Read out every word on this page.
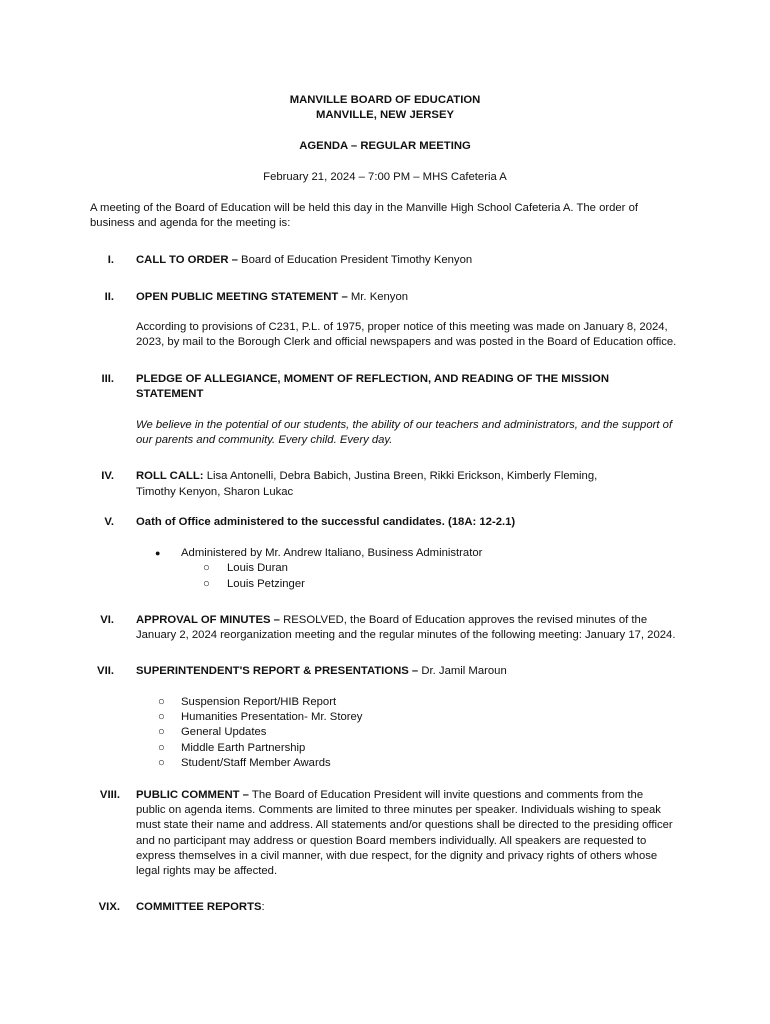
MANVILLE BOARD OF EDUCATION
MANVILLE, NEW JERSEY
AGENDA – REGULAR MEETING
February 21, 2024 – 7:00 PM – MHS Cafeteria A
A meeting of the Board of Education will be held this day in the Manville High School Cafeteria A. The order of
business and agenda for the meeting is:
I. CALL TO ORDER – Board of Education President Timothy Kenyon
II. OPEN PUBLIC MEETING STATEMENT – Mr. Kenyon
According to provisions of C231, P.L. of 1975, proper notice of this meeting was made on January 8, 2024,
2023, by mail to the Borough Clerk and official newspapers and was posted in the Board of Education office.
III. PLEDGE OF ALLEGIANCE, MOMENT OF REFLECTION, AND READING OF THE MISSION
STATEMENT
We believe in the potential of our students, the ability of our teachers and administrators, and the support of
our parents and community. Every child. Every day.
IV. ROLL CALL: Lisa Antonelli, Debra Babich, Justina Breen, Rikki Erickson, Kimberly Fleming,
Timothy Kenyon, Sharon Lukac
V. Oath of Office administered to the successful candidates. (18A: 12-2.1)
● Administered by Mr. Andrew Italiano, Business Administrator
○ Louis Duran
○ Louis Petzinger
VI. APPROVAL OF MINUTES – RESOLVED, the Board of Education approves the revised minutes of the
January 2, 2024 reorganization meeting and the regular minutes of the following meeting: January 17, 2024.
VII. SUPERINTENDENT'S REPORT & PRESENTATIONS – Dr. Jamil Maroun
○ Suspension Report/HIB Report
○ Humanities Presentation- Mr. Storey
○ General Updates
○ Middle Earth Partnership
○ Student/Staff Member Awards
VIII. PUBLIC COMMENT – The Board of Education President will invite questions and comments from the
public on agenda items. Comments are limited to three minutes per speaker. Individuals wishing to speak
must state their name and address. All statements and/or questions shall be directed to the presiding officer
and no participant may address or question Board members individually. All speakers are requested to
express themselves in a civil manner, with due respect, for the dignity and privacy rights of others whose
legal rights may be affected.
VIX. COMMITTEE REPORTS:
